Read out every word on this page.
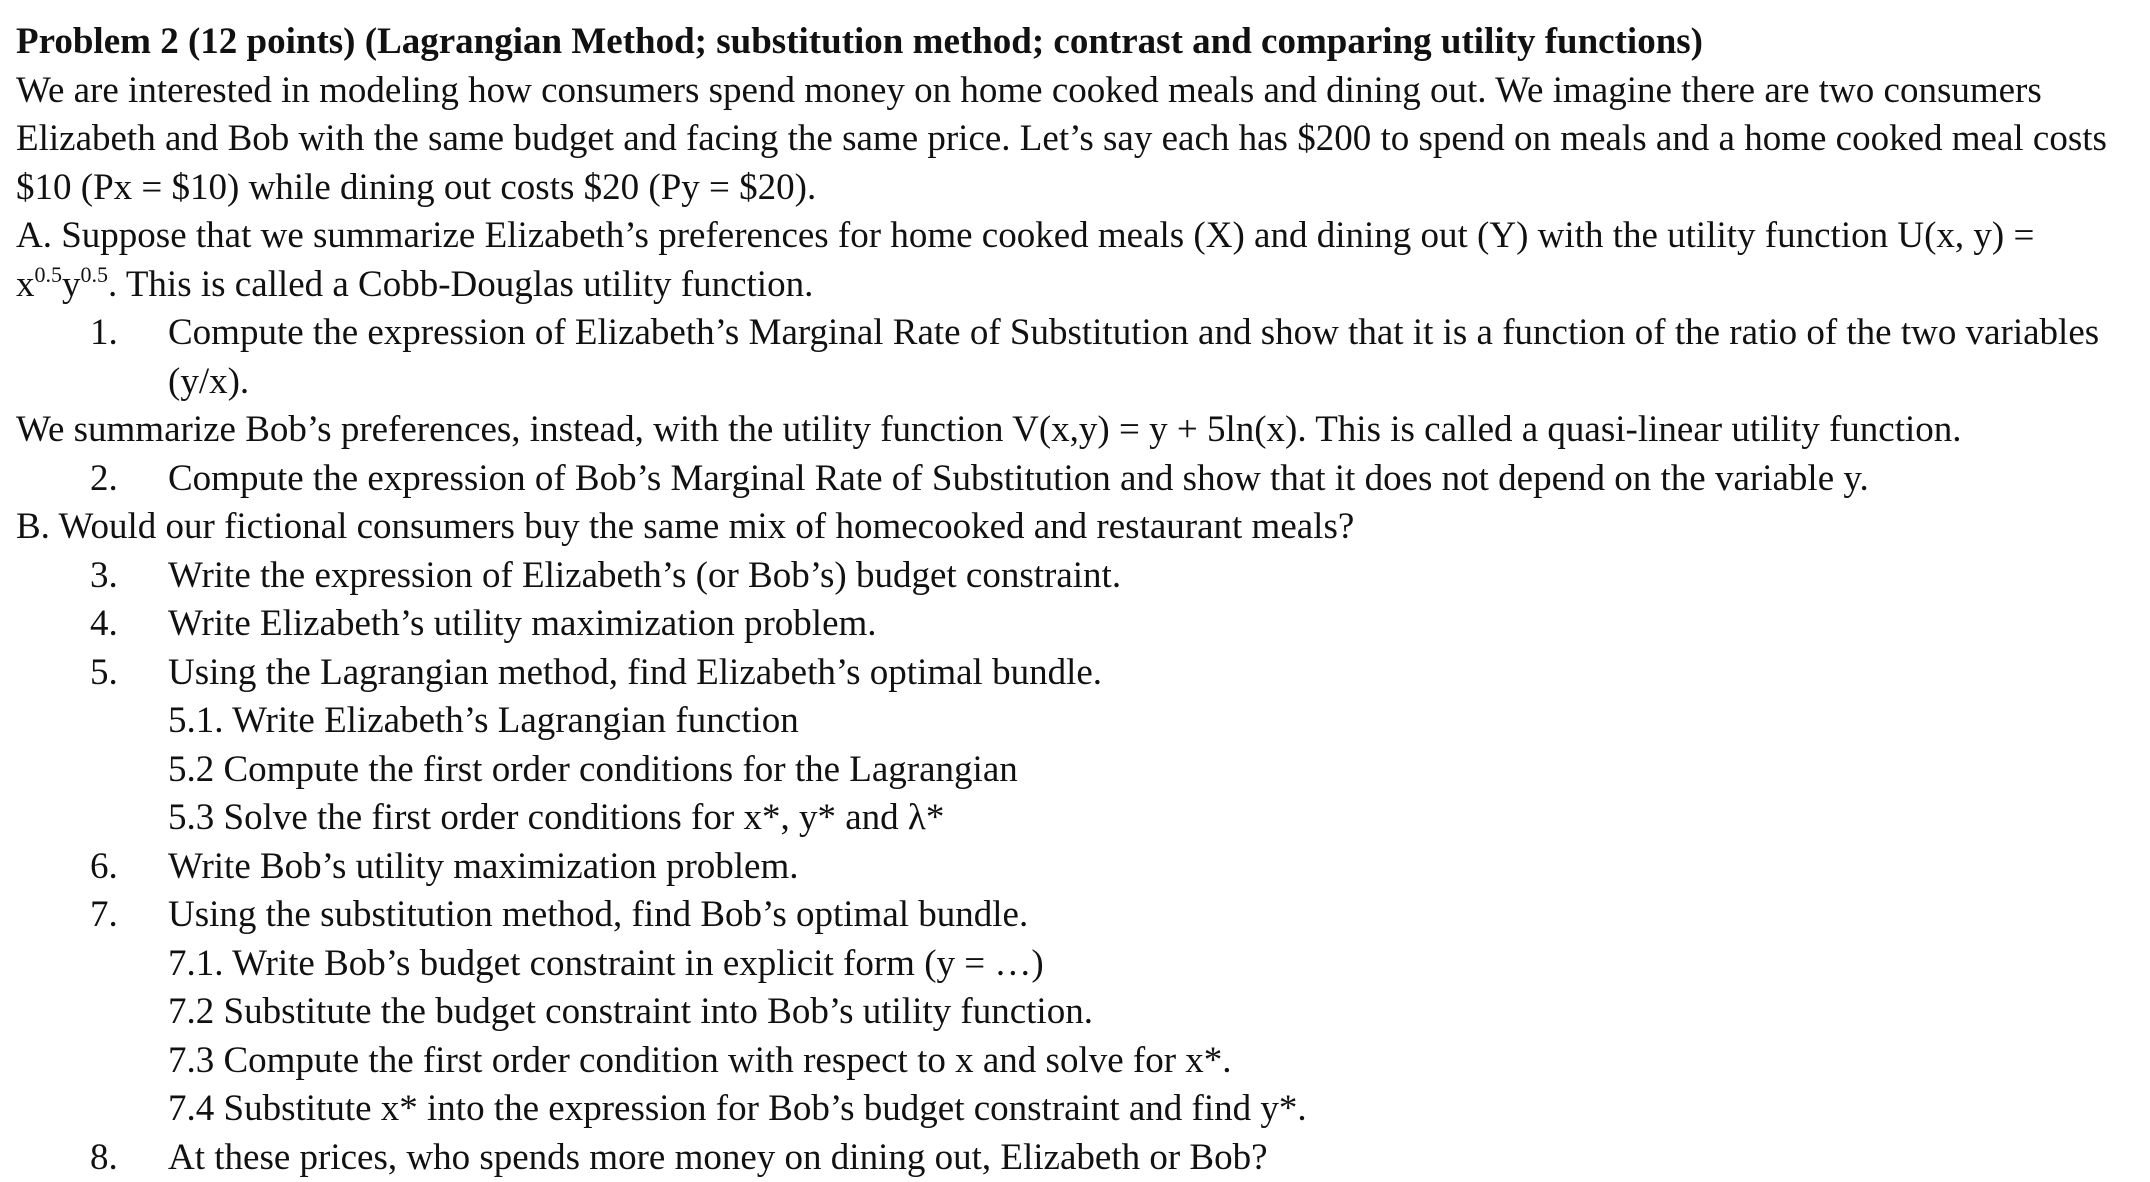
Problem 2 (12 points) (Lagrangian Method; substitution method; contrast and comparing utility functions)
We are interested in modeling how consumers spend money on home cooked meals and dining out. We imagine there are two consumers Elizabeth and Bob with the same budget and facing the same price. Let’s say each has $200 to spend on meals and a home cooked meal costs $10 (Px = $10) while dining out costs $20 (Py = $20).
A. Suppose that we summarize Elizabeth’s preferences for home cooked meals (X) and dining out (Y) with the utility function U(x, $y) = x^{0.5}y^{0.5}$. This is called a Cobb-Douglas utility function.
1. Compute the expression of Elizabeth’s Marginal Rate of Substitution and show that it is a function of the ratio of the two variables (y/x).
We summarize Bob’s preferences, instead, with the utility function V(x,y) = y + 5ln(x). This is called a quasi-linear utility function.
2. Compute the expression of Bob’s Marginal Rate of Substitution and show that it does not depend on the variable y.
B. Would our fictional consumers buy the same mix of homecooked and restaurant meals?
3. Write the expression of Elizabeth’s (or Bob’s) budget constraint.
4. Write Elizabeth’s utility maximization problem.
5. Using the Lagrangian method, find Elizabeth’s optimal bundle.
5.1. Write Elizabeth’s Lagrangian function
5.2 Compute the first order conditions for the Lagrangian
5.3 Solve the first order conditions for x*, y* and λ*
6. Write Bob’s utility maximization problem.
7. Using the substitution method, find Bob’s optimal bundle.
7.1. Write Bob’s budget constraint in explicit form (y = …)
7.2 Substitute the budget constraint into Bob’s utility function.
7.3 Compute the first order condition with respect to x and solve for x*.
7.4 Substitute x* into the expression for Bob’s budget constraint and find y*.
8. At these prices, who spends more money on dining out, Elizabeth or Bob?
